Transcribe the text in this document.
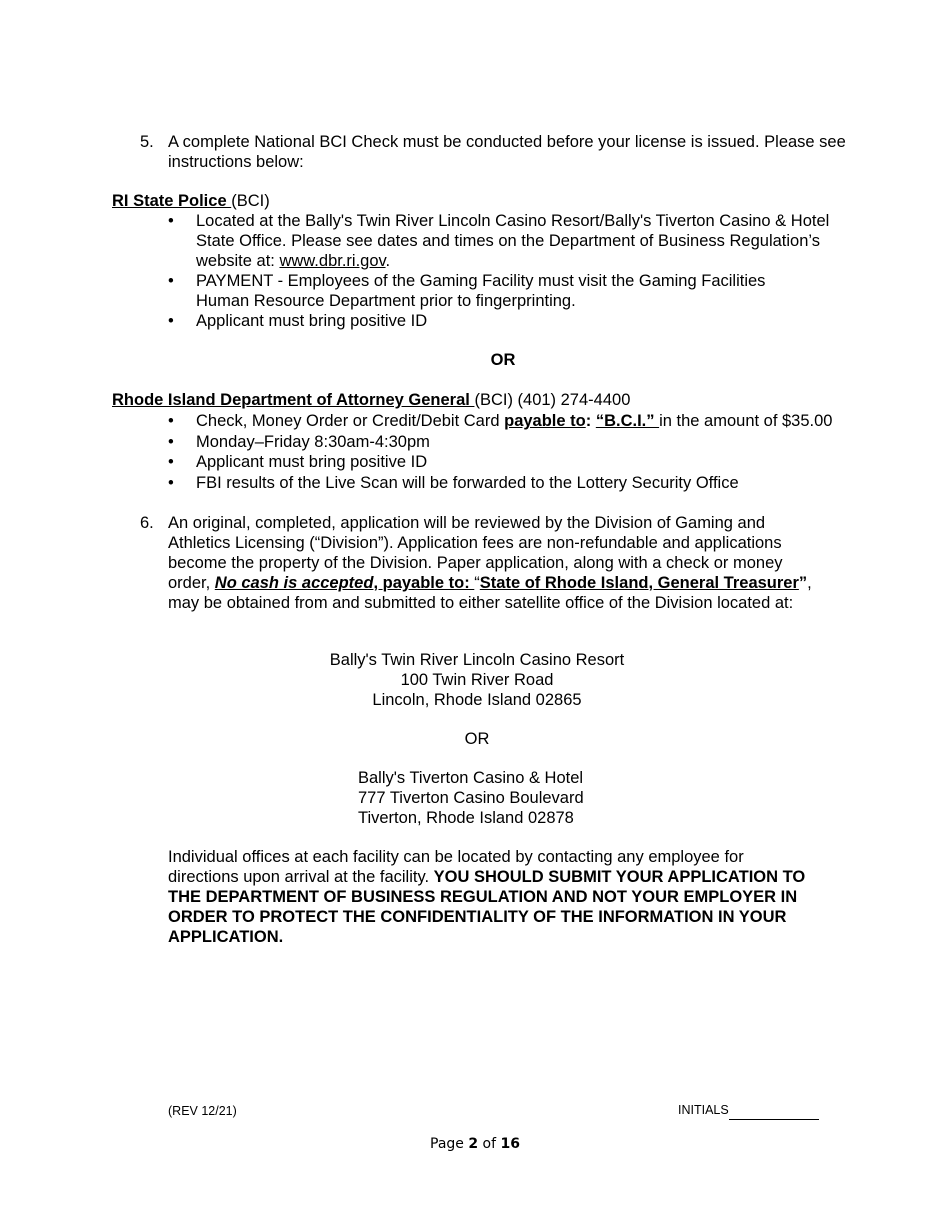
5. A complete National BCI Check must be conducted before your license is issued. Please see instructions below:
RI State Police (BCI)
•	Located at the Bally's Twin River Lincoln Casino Resort/Bally's Tiverton Casino & Hotel State Office. Please see dates and times on the Department of Business Regulation’s website at: www.dbr.ri.gov.
•	PAYMENT - Employees of the Gaming Facility must visit the Gaming Facilities
Human Resource Department prior to fingerprinting.
•	Applicant must bring positive ID
OR
Rhode Island Department of Attorney General (BCI) (401) 274-4400
•	Check, Money Order or Credit/Debit Card payable to: “B.C.I.” in the amount of $35.00
•	Monday–Friday 8:30am-4:30pm
•	Applicant must bring positive ID
•	FBI results of the Live Scan will be forwarded to the Lottery Security Office
6. An original, completed, application will be reviewed by the Division of Gaming and
Athletics Licensing (“Division”). Application fees are non-refundable and applications
become the property of the Division. Paper application, along with a check or money
order, No cash is accepted, payable to: “State of Rhode Island, General Treasurer”,
may be obtained from and submitted to either satellite office of the Division located at:
Bally's Twin River Lincoln Casino Resort
100 Twin River Road
Lincoln, Rhode Island 02865
OR
Bally's Tiverton Casino & Hotel
777 Tiverton Casino Boulevard
Tiverton, Rhode Island 02878
Individual offices at each facility can be located by contacting any employee for
directions upon arrival at the facility. YOU SHOULD SUBMIT YOUR APPLICATION TO
THE DEPARTMENT OF BUSINESS REGULATION AND NOT YOUR EMPLOYER IN
ORDER TO PROTECT THE CONFIDENTIALITY OF THE INFORMATION IN YOUR
APPLICATION.
(REV 12/21)	INITIALS
Page 2 of 16
